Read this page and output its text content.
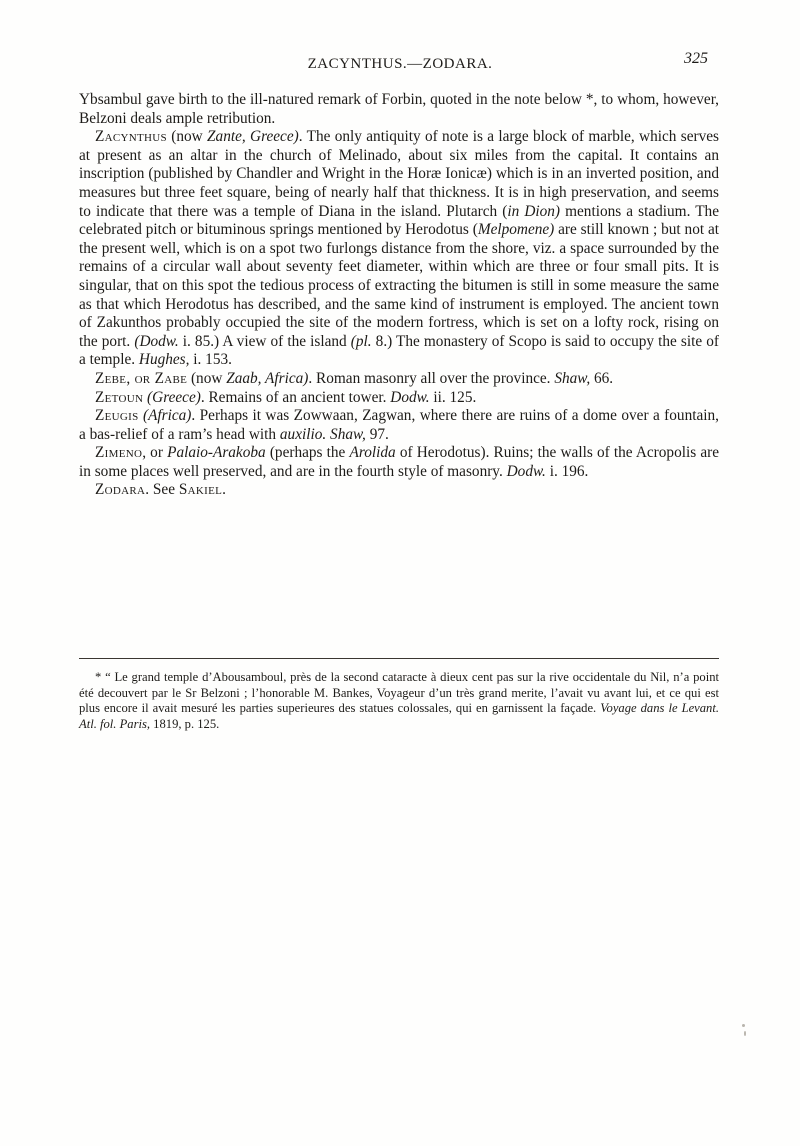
ZACYNTHUS.—ZODARA.	325

Ybsambul gave birth to the ill-natured remark of Forbin, quoted in the note below *, to whom, however, Belzoni deals ample retribution.

Zacynthus (now Zante, Greece). The only antiquity of note is a large block of marble, which serves at present as an altar in the church of Melinado, about six miles from the capital. It contains an inscription (published by Chandler and Wright in the Horæ Ionicæ) which is in an inverted position, and measures but three feet square, being of nearly half that thickness. It is in high preservation, and seems to indicate that there was a temple of Diana in the island. Plutarch (in Dion) mentions a stadium. The celebrated pitch or bituminous springs mentioned by Herodotus (Melpomene) are still known ; but not at the present well, which is on a spot two furlongs distance from the shore, viz. a space surrounded by the remains of a circular wall about seventy feet diameter, within which are three or four small pits. It is singular, that on this spot the tedious process of extracting the bitumen is still in some measure the same as that which Herodotus has described, and the same kind of instrument is employed. The ancient town of Zakunthos probably occupied the site of the modern fortress, which is set on a lofty rock, rising on the port. (Dodw. i. 85.) A view of the island (pl. 8.) The monastery of Scopo is said to occupy the site of a temple. Hughes, i. 153.

Zebe, or Zabe (now Zaab, Africa). Roman masonry all over the province. Shaw, 66.

Zetoun (Greece). Remains of an ancient tower. Dodw. ii. 125.

Zeugis (Africa). Perhaps it was Zowwaan, Zagwan, where there are ruins of a dome over a fountain, a bas-relief of a ram’s head with auxilio. Shaw, 97.

Zimeno, or Palaio-Arakoba (perhaps the Arolida of Herodotus). Ruins; the walls of the Acropolis are in some places well preserved, and are in the fourth style of masonry. Dodw. i. 196.

Zodara. See Sakiel.

* “ Le grand temple d’Abousamboul, près de la second cataracte à dieux cent pas sur la rive occidentale du Nil, n’a point été decouvert par le Sr Belzoni ; l’honorable M. Bankes, Voyageur d’un très grand merite, l’avait vu avant lui, et ce qui est plus encore il avait mesuré les parties superieures des statues colossales, qui en garnissent la façade. Voyage dans le Levant. Atl. fol. Paris, 1819, p. 125.
